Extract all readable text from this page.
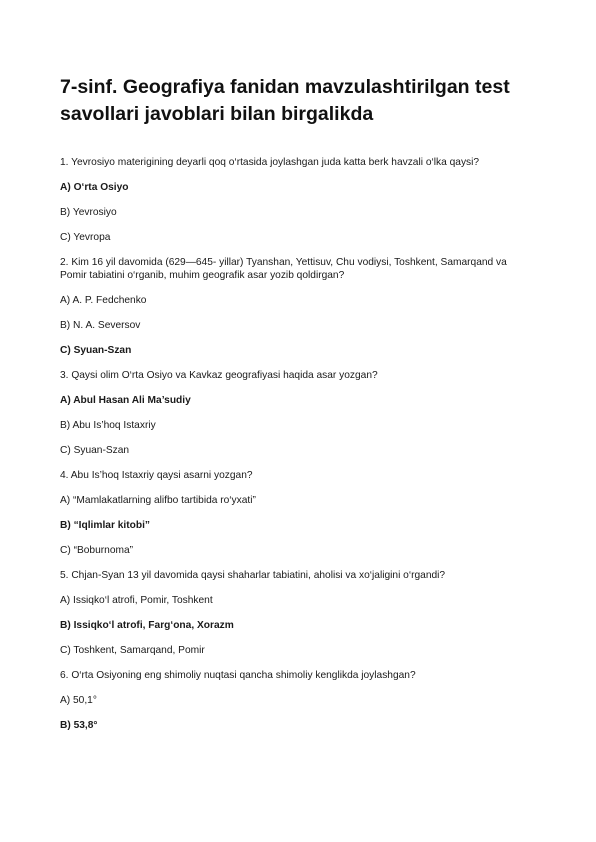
7-sinf. Geografiya fanidan mavzulashtirilgan test savollari javoblari bilan birgalikda

1. Yevrosiyo materigining deyarli qoq o‘rtasida joylashgan juda katta berk havzali o‘lka qaysi?

A) O‘rta Osiyo

B) Yevrosiyo

C) Yevropa

2. Kim 16 yil davomida (629—645- yillar) Tyanshan, Yettisuv, Chu vodiysi, Toshkent, Samarqand va Pomir tabiatini o‘rganib, muhim geografik asar yozib qoldirgan?

A) A. P. Fedchenko

B) N. A. Seversov

C) Syuan-Szan

3. Qaysi olim O‘rta Osiyo va Kavkaz geografiyasi haqida asar yozgan?

A) Abul Hasan Ali Ma’sudiy

B) Abu Is’hoq Istaxriy

C) Syuan-Szan

4. Abu Is’hoq Istaxriy qaysi asarni yozgan?

A) “Mamlakatlarning alifbo tartibida ro‘yxati”

B) “Iqlimlar kitobi”

C) “Boburnoma”

5. Chjan-Syan 13 yil davomida qaysi shaharlar tabiatini, aholisi va xo‘jaligini o‘rgandi?

A) Issiqko‘l atrofi, Pomir, Toshkent

B) Issiqko‘l atrofi, Farg‘ona, Xorazm

C) Toshkent, Samarqand, Pomir

6. O‘rta Osiyoning eng shimoliy nuqtasi qancha shimoliy kenglikda joylashgan?

A) 50,1°

B) 53,8°
